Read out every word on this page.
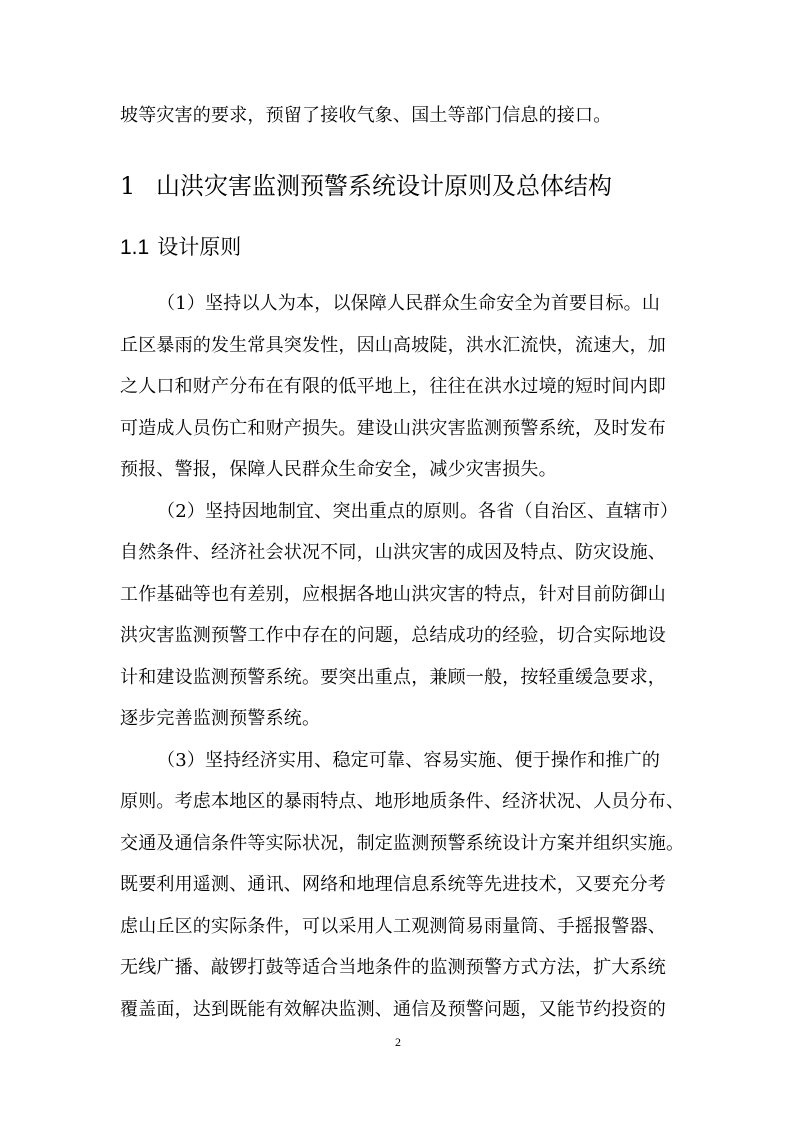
坡等灾害的要求，预留了接收气象、国土等部门信息的接口。
1 山洪灾害监测预警系统设计原则及总体结构
1.1 设计原则
（1）坚持以人为本，以保障人民群众生命安全为首要目标。山
丘区暴雨的发生常具突发性，因山高坡陡，洪水汇流快，流速大，加
之人口和财产分布在有限的低平地上，往往在洪水过境的短时间内即
可造成人员伤亡和财产损失。建设山洪灾害监测预警系统，及时发布
预报、警报，保障人民群众生命安全，减少灾害损失。
（2）坚持因地制宜、突出重点的原则。各省（自治区、直辖市）
自然条件、经济社会状况不同，山洪灾害的成因及特点、防灾设施、
工作基础等也有差别，应根据各地山洪灾害的特点，针对目前防御山
洪灾害监测预警工作中存在的问题，总结成功的经验，切合实际地设
计和建设监测预警系统。要突出重点，兼顾一般，按轻重缓急要求，
逐步完善监测预警系统。
（3）坚持经济实用、稳定可靠、容易实施、便于操作和推广的
原则。考虑本地区的暴雨特点、地形地质条件、经济状况、人员分布、
交通及通信条件等实际状况，制定监测预警系统设计方案并组织实施。
既要利用遥测、通讯、网络和地理信息系统等先进技术，又要充分考
虑山丘区的实际条件，可以采用人工观测简易雨量筒、手摇报警器、
无线广播、敲锣打鼓等适合当地条件的监测预警方式方法，扩大系统
覆盖面，达到既能有效解决监测、通信及预警问题，又能节约投资的
2
